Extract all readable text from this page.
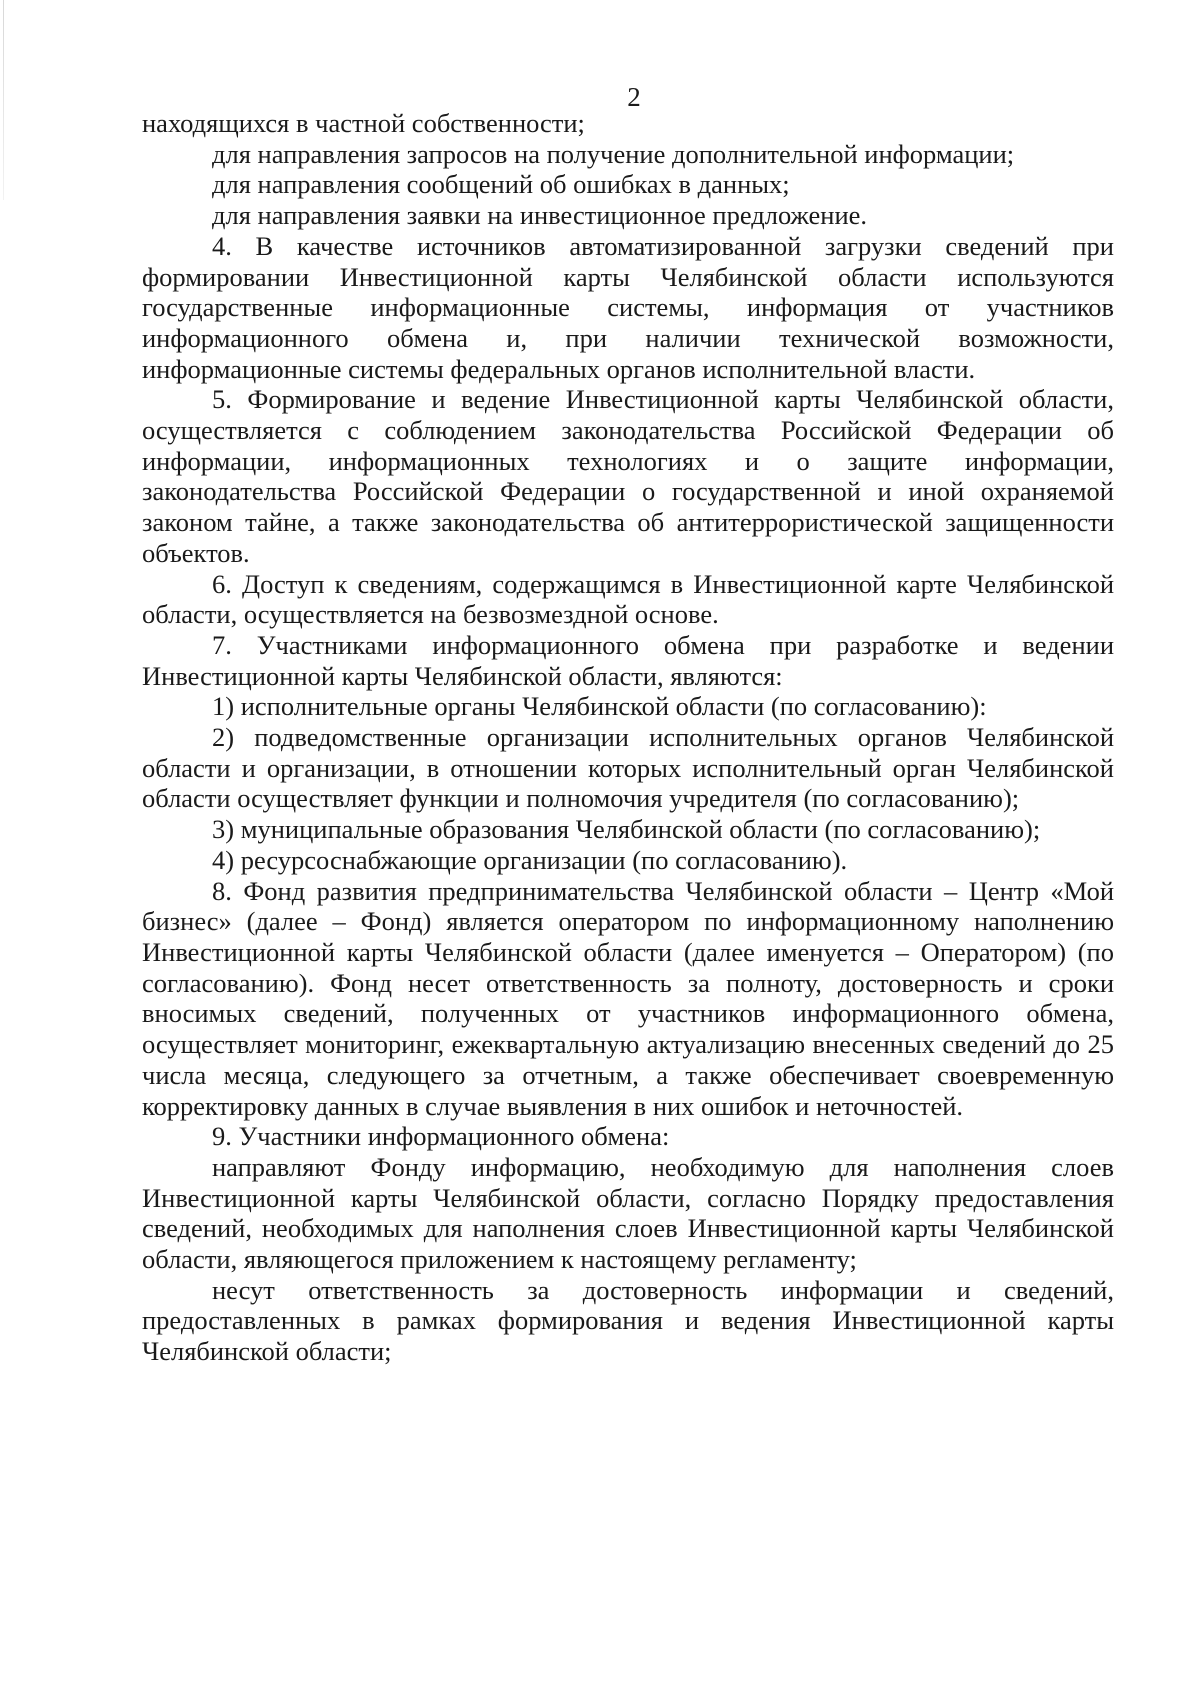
2

находящихся в частной собственности;

для направления запросов на получение дополнительной информации;

для направления сообщений об ошибках в данных;

для направления заявки на инвестиционное предложение.

4. В качестве источников автоматизированной загрузки сведений при формировании Инвестиционной карты Челябинской области используются государственные информационные системы, информация от участников информационного обмена и, при наличии технической возможности, информационные системы федеральных органов исполнительной власти.

5. Формирование и ведение Инвестиционной карты Челябинской области, осуществляется с соблюдением законодательства Российской Федерации об информации, информационных технологиях и о защите информации, законодательства Российской Федерации о государственной и иной охраняемой законом тайне, а также законодательства об антитеррористической защищенности объектов.

6. Доступ к сведениям, содержащимся в Инвестиционной карте Челябинской области, осуществляется на безвозмездной основе.

7. Участниками информационного обмена при разработке и ведении Инвестиционной карты Челябинской области, являются:

1) исполнительные органы Челябинской области (по согласованию):

2) подведомственные организации исполнительных органов Челябинской области и организации, в отношении которых исполнительный орган Челябинской области осуществляет функции и полномочия учредителя (по согласованию);

3) муниципальные образования Челябинской области (по согласованию);

4) ресурсоснабжающие организации (по согласованию).

8. Фонд развития предпринимательства Челябинской области – Центр «Мой бизнес» (далее – Фонд) является оператором по информационному наполнению Инвестиционной карты Челябинской области (далее именуется – Оператором) (по согласованию). Фонд несет ответственность за полноту, достоверность и сроки вносимых сведений, полученных от участников информационного обмена, осуществляет мониторинг, ежеквартальную актуализацию внесенных сведений до 25 числа месяца, следующего за отчетным, а также обеспечивает своевременную корректировку данных в случае выявления в них ошибок и неточностей.

9. Участники информационного обмена:

направляют Фонду информацию, необходимую для наполнения слоев Инвестиционной карты Челябинской области, согласно Порядку предоставления сведений, необходимых для наполнения слоев Инвестиционной карты Челябинской области, являющегося приложением к настоящему регламенту;

несут ответственность за достоверность информации и сведений, предоставленных в рамках формирования и ведения Инвестиционной карты Челябинской области;
